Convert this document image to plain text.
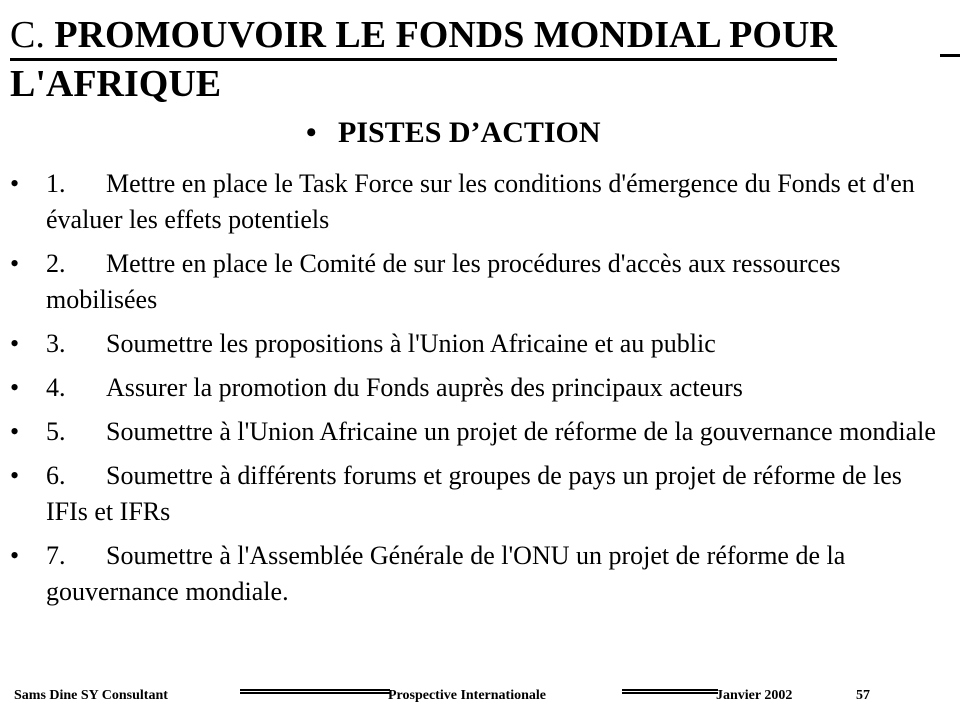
C. PROMOUVOIR LE FONDS MONDIAL POUR
L'AFRIQUE
• PISTES D’ACTION
• 1. Mettre en place le Task Force sur les conditions d'émergence du Fonds et d'en évaluer les effets potentiels
• 2. Mettre en place le Comité de sur les procédures d'accès aux ressources mobilisées
• 3. Soumettre les propositions à l'Union Africaine et au public
• 4. Assurer la promotion du Fonds auprès des principaux acteurs
• 5. Soumettre à l'Union Africaine un projet de réforme de la gouvernance mondiale
• 6. Soumettre à différents forums et groupes de pays un projet de réforme de les IFIs et IFRs
• 7. Soumettre à l'Assemblée Générale de l'ONU un projet de réforme de la gouvernance mondiale.
Sams Dine SY Consultant	Prospective Internationale	Janvier 2002	57
